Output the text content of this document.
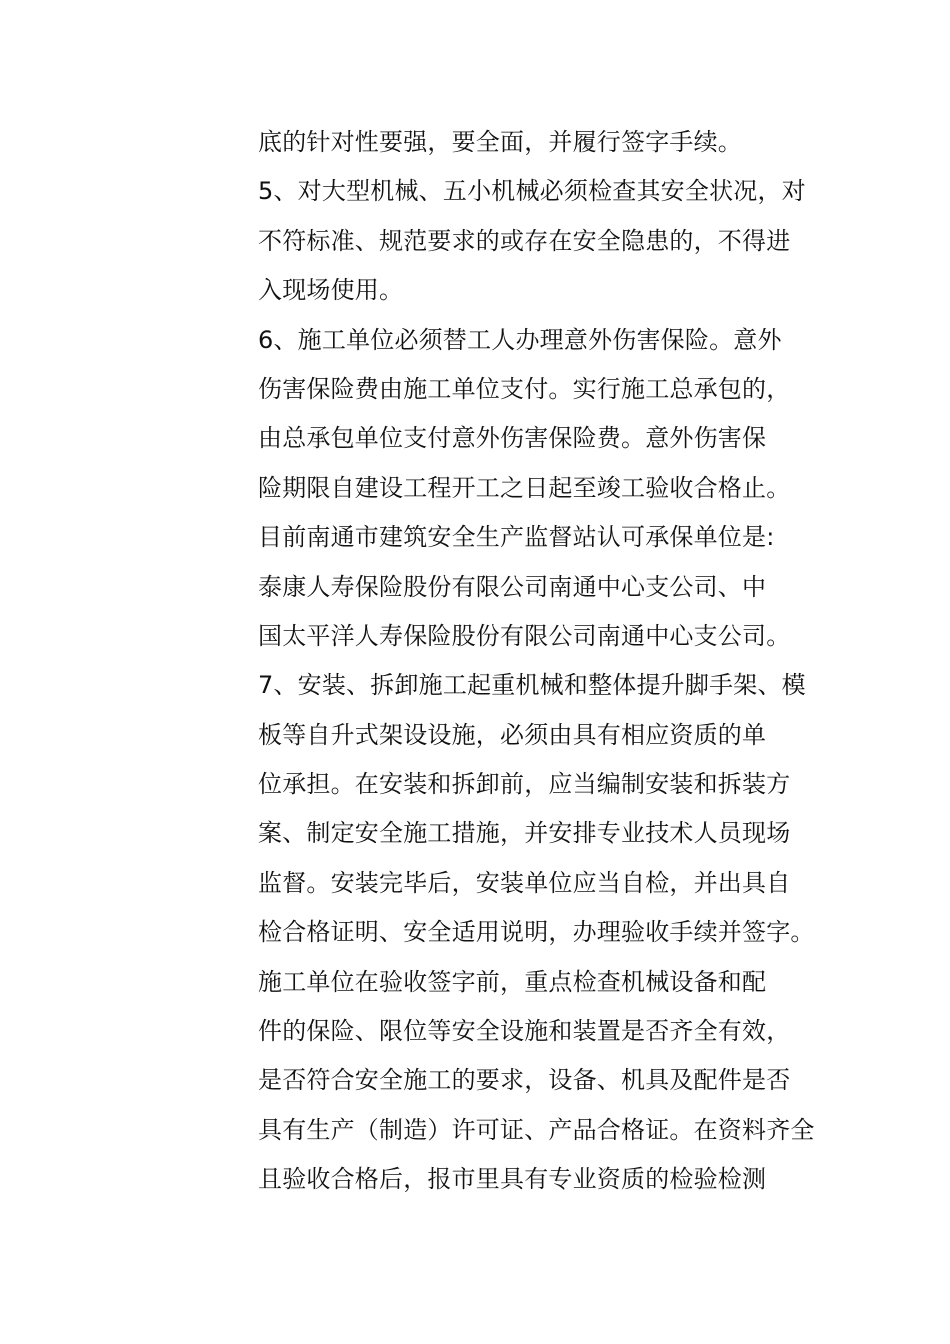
底的针对性要强，要全面，并履行签字手续。
5、对大型机械、五小机械必须检查其安全状况，对
不符标准、规范要求的或存在安全隐患的，不得进
入现场使用。
6、施工单位必须替工人办理意外伤害保险。意外
伤害保险费由施工单位支付。实行施工总承包的，
由总承包单位支付意外伤害保险费。意外伤害保
险期限自建设工程开工之日起至竣工验收合格止。
目前南通市建筑安全生产监督站认可承保单位是:
泰康人寿保险股份有限公司南通中心支公司、中
国太平洋人寿保险股份有限公司南通中心支公司。
7、安装、拆卸施工起重机械和整体提升脚手架、模
板等自升式架设设施，必须由具有相应资质的单
位承担。在安装和拆卸前，应当编制安装和拆装方
案、制定安全施工措施，并安排专业技术人员现场
监督。安装完毕后，安装单位应当自检，并出具自
检合格证明、安全适用说明，办理验收手续并签字。
施工单位在验收签字前，重点检查机械设备和配
件的保险、限位等安全设施和装置是否齐全有效，
是否符合安全施工的要求，设备、机具及配件是否
具有生产（制造）许可证、产品合格证。在资料齐全
且验收合格后，报市里具有专业资质的检验检测
